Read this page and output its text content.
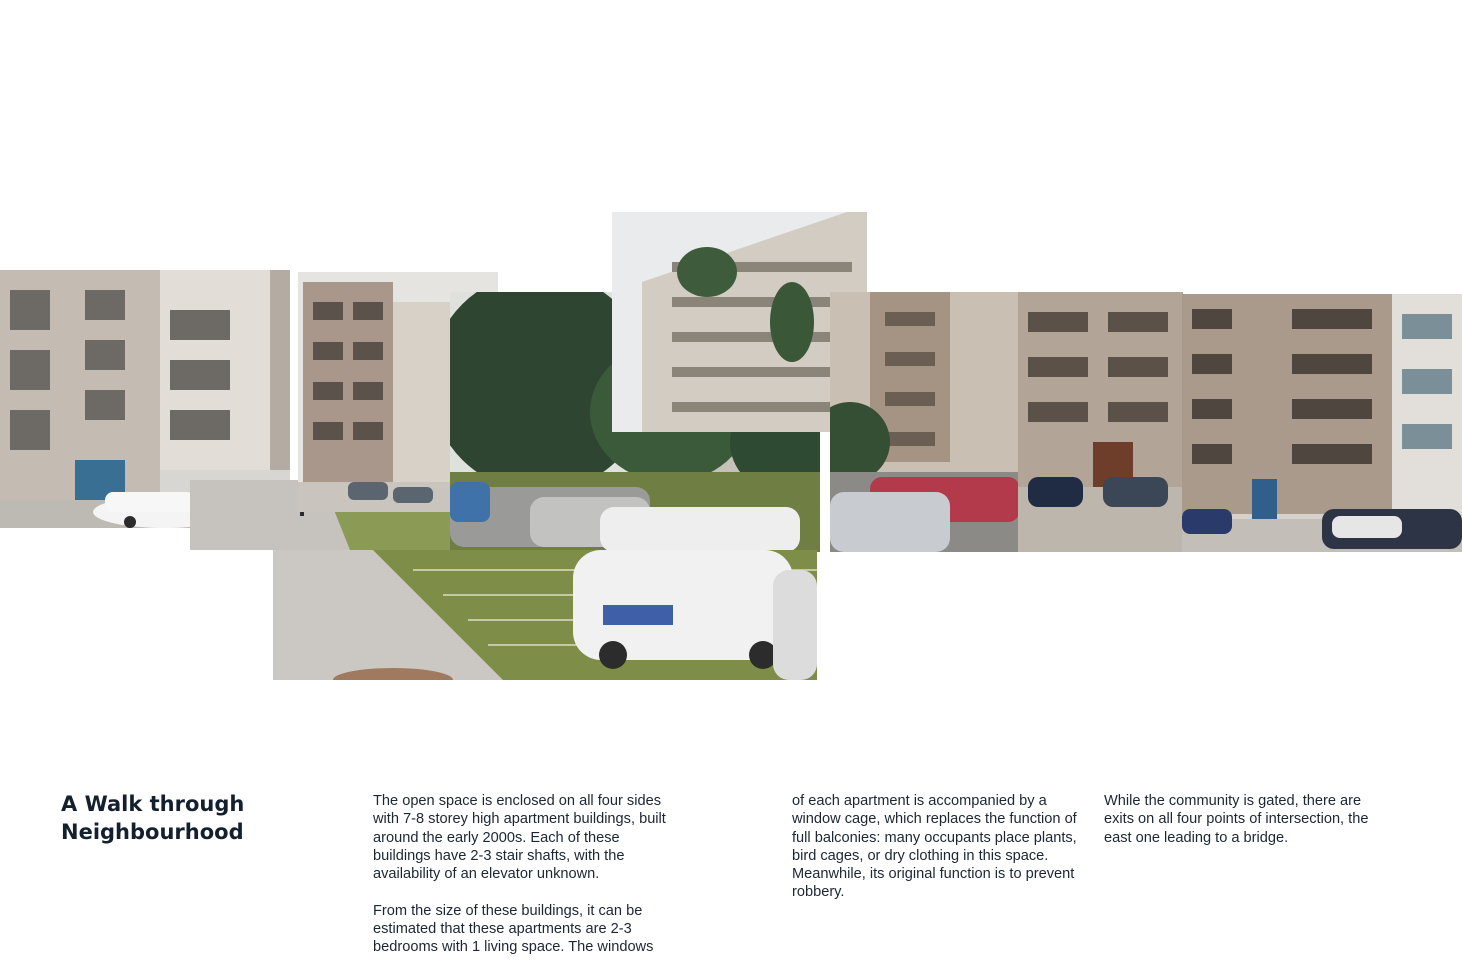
A Walk through
Neighbourhood

The open space is enclosed on all four sides with 7-8 storey high apartment buildings, built around the early 2000s. Each of these buildings have 2-3 stair shafts, with the availability of an elevator unknown.

From the size of these buildings, it can be estimated that these apartments are 2-3 bedrooms with 1 living space. The windows

of each apartment is accompanied by a window cage, which replaces the function of full balconies: many occupants place plants, bird cages, or dry clothing in this space. Meanwhile, its original function is to prevent robbery.

While the community is gated, there are exits on all four points of intersection, the east one leading to a bridge.
